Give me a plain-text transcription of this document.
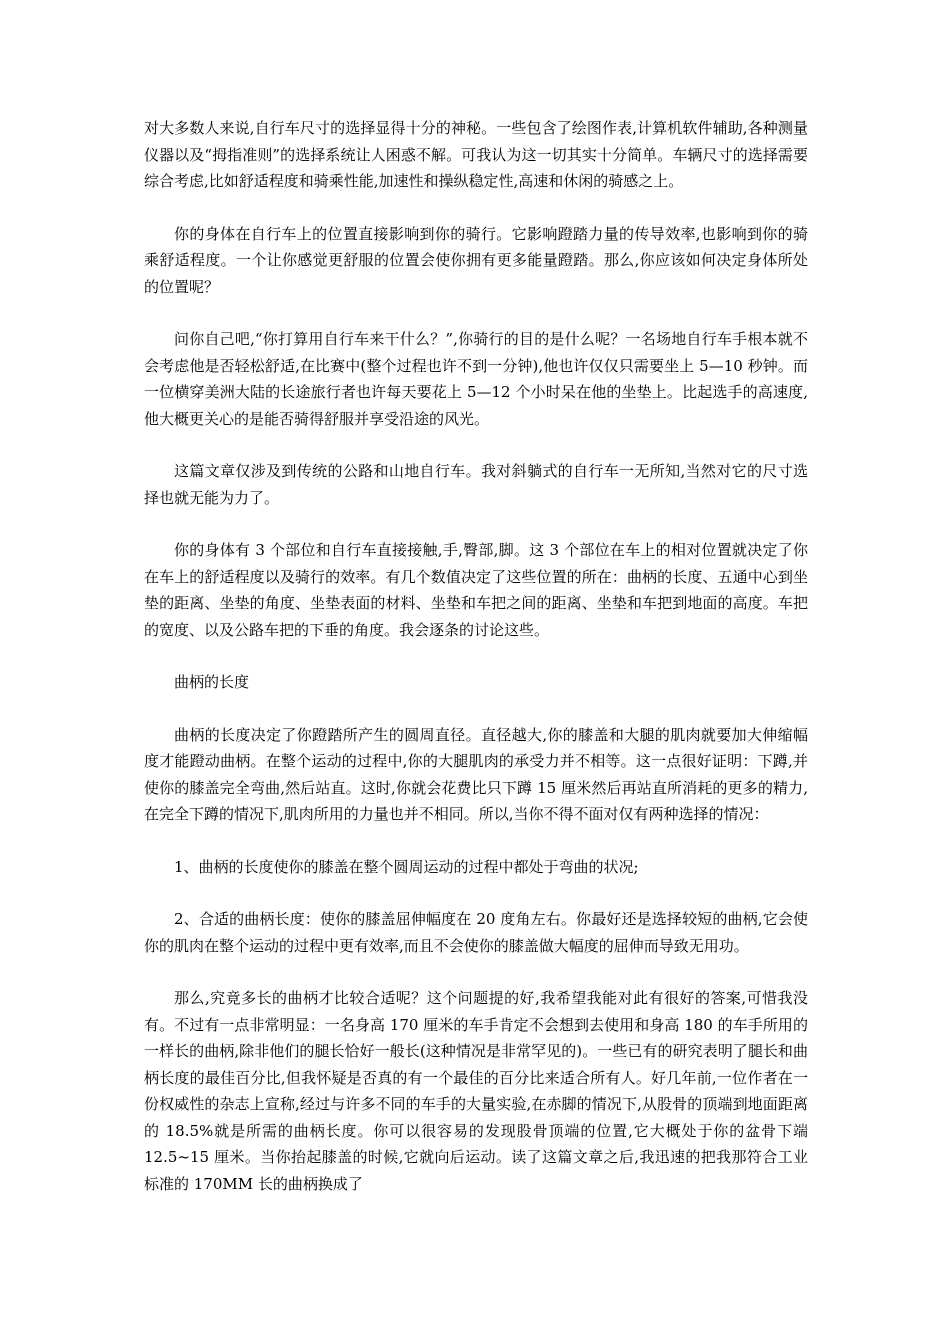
对大多数人来说,自行车尺寸的选择显得十分的神秘。一些包含了绘图作表,计算机软件辅助,各种测量仪器以及“拇指准则”的选择系统让人困惑不解。可我认为这一切其实十分简单。车辆尺寸的选择需要综合考虑,比如舒适程度和骑乘性能,加速性和操纵稳定性,高速和休闲的骑感之上。

你的身体在自行车上的位置直接影响到你的骑行。它影响蹬踏力量的传导效率,也影响到你的骑乘舒适程度。一个让你感觉更舒服的位置会使你拥有更多能量蹬踏。那么,你应该如何决定身体所处的位置呢？

问你自己吧,“你打算用自行车来干什么？”,你骑行的目的是什么呢？一名场地自行车手根本就不会考虑他是否轻松舒适,在比赛中(整个过程也许不到一分钟),他也许仅仅只需要坐上 5—10 秒钟。而一位横穿美洲大陆的长途旅行者也许每天要花上 5—12 个小时呆在他的坐垫上。比起选手的高速度,他大概更关心的是能否骑得舒服并享受沿途的风光。

这篇文章仅涉及到传统的公路和山地自行车。我对斜躺式的自行车一无所知,当然对它的尺寸选择也就无能为力了。

你的身体有 3 个部位和自行车直接接触,手,臀部,脚。这 3 个部位在车上的相对位置就决定了你在车上的舒适程度以及骑行的效率。有几个数值决定了这些位置的所在：曲柄的长度、五通中心到坐垫的距离、坐垫的角度、坐垫表面的材料、坐垫和车把之间的距离、坐垫和车把到地面的高度。车把的宽度、以及公路车把的下垂的角度。我会逐条的讨论这些。

曲柄的长度

曲柄的长度决定了你蹬踏所产生的圆周直径。直径越大,你的膝盖和大腿的肌肉就要加大伸缩幅度才能蹬动曲柄。在整个运动的过程中,你的大腿肌肉的承受力并不相等。这一点很好证明：下蹲,并使你的膝盖完全弯曲,然后站直。这时,你就会花费比只下蹲 15 厘米然后再站直所消耗的更多的精力,在完全下蹲的情况下,肌肉所用的力量也并不相同。所以,当你不得不面对仅有两种选择的情况：

1、曲柄的长度使你的膝盖在整个圆周运动的过程中都处于弯曲的状况;

2、合适的曲柄长度：使你的膝盖屈伸幅度在 20 度角左右。你最好还是选择较短的曲柄,它会使你的肌肉在整个运动的过程中更有效率,而且不会使你的膝盖做大幅度的屈伸而导致无用功。

那么,究竟多长的曲柄才比较合适呢？这个问题提的好,我希望我能对此有很好的答案,可惜我没有。不过有一点非常明显：一名身高 170 厘米的车手肯定不会想到去使用和身高 180 的车手所用的一样长的曲柄,除非他们的腿长恰好一般长(这种情况是非常罕见的)。一些已有的研究表明了腿长和曲柄长度的最佳百分比,但我怀疑是否真的有一个最佳的百分比来适合所有人。好几年前,一位作者在一份权威性的杂志上宣称,经过与许多不同的车手的大量实验,在赤脚的情况下,从股骨的顶端到地面距离的 18.5%就是所需的曲柄长度。你可以很容易的发现股骨顶端的位置,它大概处于你的盆骨下端 12.5~15 厘米。当你抬起膝盖的时候,它就向后运动。读了这篇文章之后,我迅速的把我那符合工业标准的 170MM 长的曲柄换成了
